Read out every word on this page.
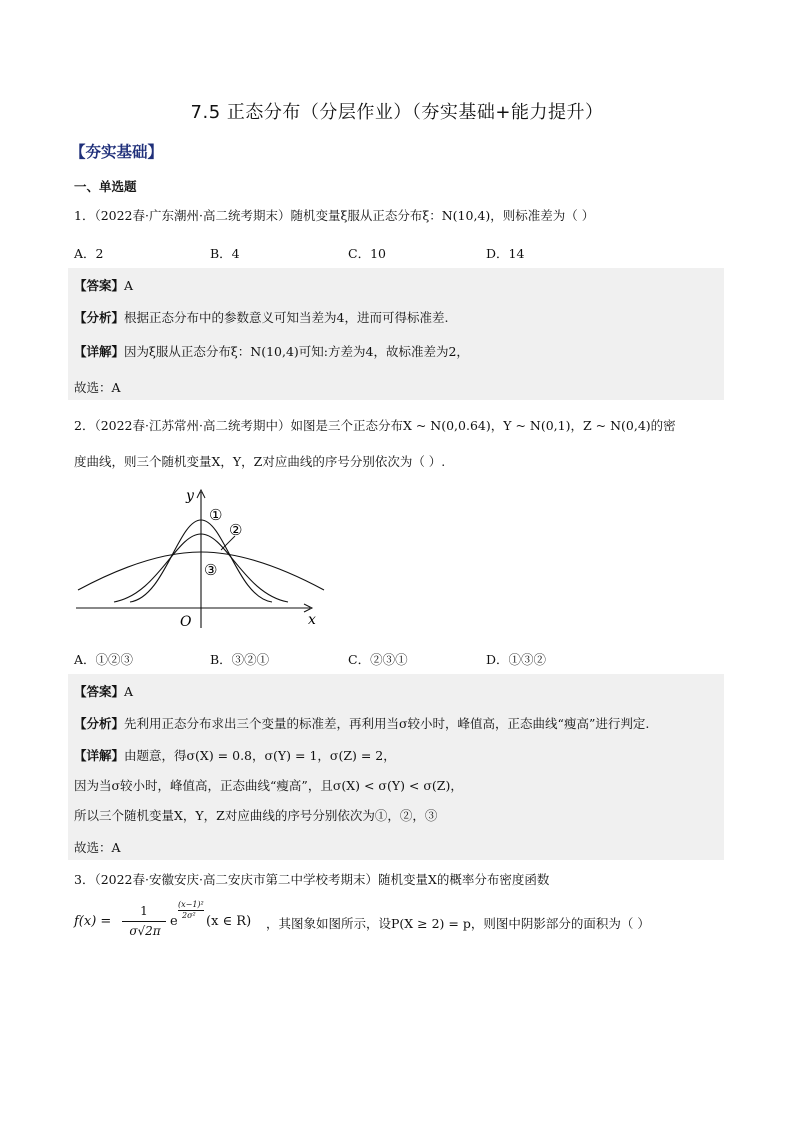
7.5 正态分布（分层作业）（夯实基础+能力提升）
【夯实基础】
一、单选题
1．（2022春·广东潮州·高二统考期末）随机变量ξ服从正态分布ξ：N(10,4)，则标准差为（ ）
A．2	B．4	C．10	D．14
【答案】A
【分析】根据正态分布中的参数意义可知当差为4，进而可得标准差.
【详解】因为ξ服从正态分布ξ：N(10,4)可知:方差为4，故标准差为2，
故选：A
2．（2022春·江苏常州·高二统考期中）如图是三个正态分布X ~ N(0,0.64)，Y ~ N(0,1)，Z ~ N(0,4)的密
度曲线，则三个随机变量X，Y，Z对应曲线的序号分别依次为（ ）.
y
x
O
①
②
③
A．①②③	B．③②①	C．②③①	D．①③②
【答案】A
【分析】先利用正态分布求出三个变量的标准差，再利用当σ较小时，峰值高，正态曲线“瘦高”进行判定.
【详解】由题意，得σ(X) = 0.8，σ(Y) = 1，σ(Z) = 2，
因为当σ较小时，峰值高，正态曲线“瘦高”，且σ(X) < σ(Y) < σ(Z)，
所以三个随机变量X，Y，Z对应曲线的序号分别依次为①，②，③
故选：A
3．（2022春·安徽安庆·高二安庆市第二中学校考期末）随机变量X的概率分布密度函数
f(x) =
1
σ√2π
e
(x−1)²
2σ² (x ∈ R) ，其图象如图所示，设P(X ≥ 2) = p，则图中阴影部分的面积为（ ）
